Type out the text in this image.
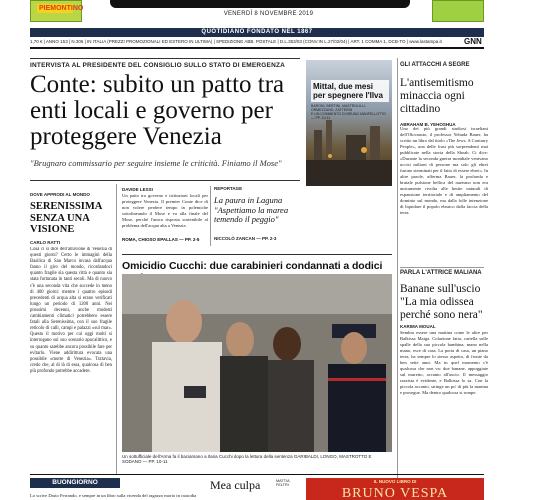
PIEMONTINO
VENERDÌ 8 NOVEMBRE 2019
QUOTIDIANO FONDATO NEL 1867
1,70 € | ANNO 153 | N.306 | IN ITALIA (PREZZI PROMOZIONALI ED ESTERO IN ULTIMA) | SPEDIZIONE ABB. POSTALE | D.L.353/03 (CONV.IN L.27/02/04) | ART. 1 COMMA 1, DCB-TO | www.lastampa.it	GNN
INTERVISTA AL PRESIDENTE DEL CONSIGLIO SULLO STATO DI EMERGENZA
Conte: subito un patto tra enti locali e governo per proteggere Venezia
"Brugnaro commissario per seguire insieme le criticità. Finiamo il Mose"
Mittal, due mesi per spegnere l'Ilva
BARONI, BERTINI, MASTROLILLI, ORMEZZANO, ZATTERIN
E UN COMMENTO DI BRUNO MANFELLOTTO — PP. 10-11
GLI ATTACCHI A SEGRE
L'antisemitismo minaccia ogni cittadino
ABRAHAM B. YEHOSHUA
Uno dei più grandi studiosi israeliani dell'Olocausto, il professor Yehuda Bauer, ha scritto un libro dal titolo «The Jews. A Contrary People», una delle frasi più sorprendenti mai pubblicate nella storia della Shoah. Ci dice: «Durante la seconda guerra mondiale venivano uccisi milioni di persone ma solo gli ebrei furono sterminati per il fatto di essere ebrei». In altre parole, afferma Bauer, la profonda e brutale pulsione bellica del nazismo non era unicamente rivolta alle bestie naturali di espansione territoriale e di ampliamento del dominio sul mondo, ma dalla folle intenzione di liquidare il popolo ebraico dalla faccia della terra.
PARLA L'ATTRICE MALIANA
Banane sull'uscio "La mia odissea perché sono nera"
KARIMA MOUAL
Sembra essere una mattina come le altre per Balkissa Maiga. Colazione fatta, cartella sulle spalle della sua piccola bambina, mano nella mano, esce di casa. La porta di casa, un piano terra, ha sempre lo stesso aspetto, di fronte da ben sette anni. Ma in quel momento c'è qualcosa che non va: due banane, appoggiate sul muretto, accanto all'uscio. Il messaggio razzista è evidente, e Balkissa lo sa. Con la piccola accanto, stringe un po' di più la manina e prosegue. Ma dentro qualcosa si rompe.
DOVE APPRODI AL MONDO
SERENISSIMA SENZA UNA VISIONE
CARLO RATTI
Cosa ci si dice dell'alluvione di Venezia di questi giorni? Certo le immagini della Basilica di San Marco invasa dall'acqua fanno il giro del mondo, ricordandoci quanto fragile sia questa città e quanto sia stata fortunata in tanti secoli. Ma di nuovo c'è una seconda vita che succede in meno di 400 giorni: mentre i quattro episodi precedenti di acqua alta si erano verificati lungo un periodo di 1200 anni. Nei prossimi decenni, anche modesti cambiamenti climatici potrebbero essere fatali alla Serenissima, con il suo fragile reticolo di calli, campi e palazzi «sul mar». Questo il motivo per cui oggi molti si interrogano sul suo scenario apocalittico, e su quanto sarebbe ancora possibile fare per evitarlo. Viene addirittura evocata una possibile «morte di Venezia». Tuttavia, credo che, al di là di essa, qualcosa di ben più profondo potrebbe accadere.
DAVIDE LESSI
Un patto tra governo e istituzioni locali per proteggere Venezia. Il premier Conte dice di non volere perdere tempo in polemiche sottolineando il Mose e va alla finale del Mose, perché l'unica risposta sostenibile al problema dell'acqua alta a Venezia.
ROMA, CHIOSO EPALLAS — PP. 2-5
REPORTAGE
La paura in Laguna "Aspettiamo la marea temendo il peggio"
NICCOLÒ ZANCAN — PP. 2-3
Omicidio Cucchi: due carabinieri condannati a dodici
Un sottufficiale dell'Arma fa il baciamano a Ilaria Cucchi dopo la lettura della sentenza GARIBALDI, LONGO, MASTROTTO E SODANO — PP. 10-11
BUONGIORNO
Lo scrive Dario Ferrando, e sempre in un libro sulla vicenda del ragazzo morto in custodia
Mea culpa	MATTIA FELTRI
IL NUOVO LIBRO DI
BRUNO VESPA
